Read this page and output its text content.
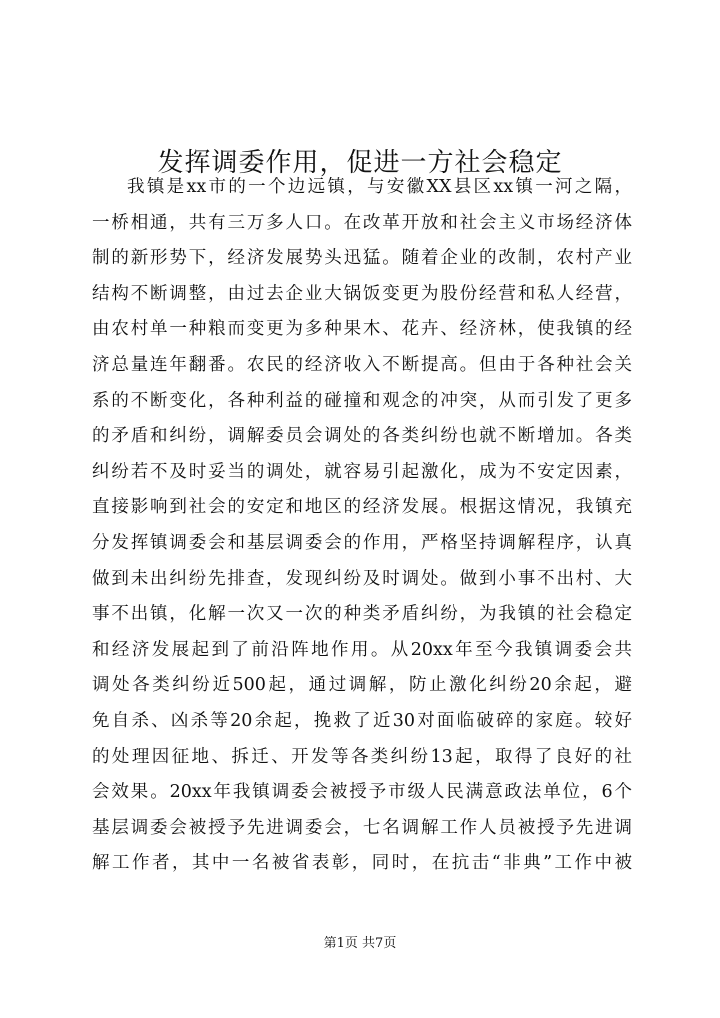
发挥调委作用，促进一方社会稳定
我镇是xx市的一个边远镇，与安徽XX县区xx镇一河之隔，
一桥相通，共有三万多人口。在改革开放和社会主义市场经济体
制的新形势下，经济发展势头迅猛。随着企业的改制，农村产业
结构不断调整，由过去企业大锅饭变更为股份经营和私人经营，
由农村单一种粮而变更为多种果木、花卉、经济林，使我镇的经
济总量连年翻番。农民的经济收入不断提高。但由于各种社会关
系的不断变化，各种利益的碰撞和观念的冲突，从而引发了更多
的矛盾和纠纷，调解委员会调处的各类纠纷也就不断增加。各类
纠纷若不及时妥当的调处，就容易引起激化，成为不安定因素，
直接影响到社会的安定和地区的经济发展。根据这情况，我镇充
分发挥镇调委会和基层调委会的作用，严格坚持调解程序，认真
做到未出纠纷先排查，发现纠纷及时调处。做到小事不出村、大
事不出镇，化解一次又一次的种类矛盾纠纷，为我镇的社会稳定
和经济发展起到了前沿阵地作用。从20xx年至今我镇调委会共
调处各类纠纷近500起，通过调解，防止激化纠纷20余起，避
免自杀、凶杀等20余起，挽救了近30对面临破碎的家庭。较好
的处理因征地、拆迁、开发等各类纠纷13起，取得了良好的社
会效果。20xx年我镇调委会被授予市级人民满意政法单位，6个
基层调委会被授予先进调委会，七名调解工作人员被授予先进调
解工作者，其中一名被省表彰，同时，在抗击“非典”工作中被
第1页 共7页
